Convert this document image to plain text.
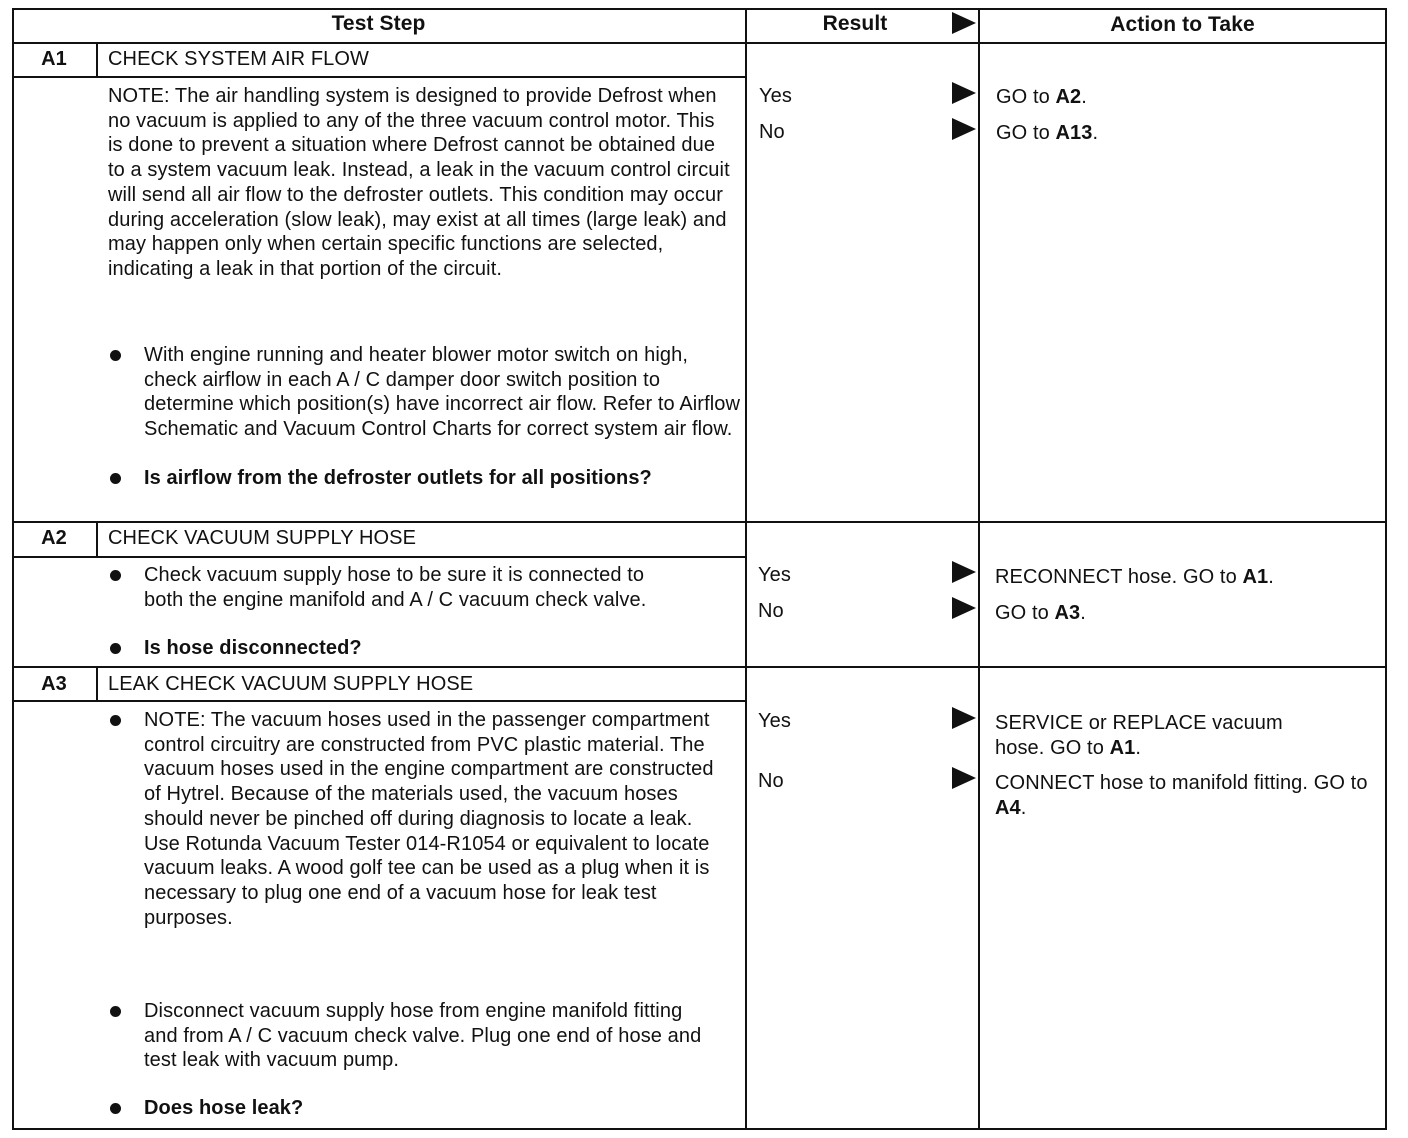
Test Step	Result	Action to Take
A1	CHECK SYSTEM AIR FLOW
NOTE: The air handling system is designed to provide Defrost when no vacuum is applied to any of the three vacuum control motor. This is done to prevent a situation where Defrost cannot be obtained due to a system vacuum leak. Instead, a leak in the vacuum control circuit will send all air flow to the defroster outlets. This condition may occur during acceleration (slow leak), may exist at all times (large leak) and may happen only when certain specific functions are selected, indicating a leak in that portion of the circuit.
With engine running and heater blower motor switch on high, check airflow in each A / C damper door switch position to determine which position(s) have incorrect air flow. Refer to Airflow Schematic and Vacuum Control Charts for correct system air flow.
Is airflow from the defroster outlets for all positions?
Yes	GO to A2.
No	GO to A13.
A2	CHECK VACUUM SUPPLY HOSE
Check vacuum supply hose to be sure it is connected to both the engine manifold and A / C vacuum check valve.
Is hose disconnected?
Yes	RECONNECT hose. GO to A1.
No	GO to A3.
A3	LEAK CHECK VACUUM SUPPLY HOSE
NOTE: The vacuum hoses used in the passenger compartment control circuitry are constructed from PVC plastic material. The vacuum hoses used in the engine compartment are constructed of Hytrel. Because of the materials used, the vacuum hoses should never be pinched off during diagnosis to locate a leak. Use Rotunda Vacuum Tester 014-R1054 or equivalent to locate vacuum leaks. A wood golf tee can be used as a plug when it is necessary to plug one end of a vacuum hose for leak test purposes.
Disconnect vacuum supply hose from engine manifold fitting and from A / C vacuum check valve. Plug one end of hose and test leak with vacuum pump.
Does hose leak?
Yes	SERVICE or REPLACE vacuum hose. GO to A1.
No	CONNECT hose to manifold fitting. GO to A4.
